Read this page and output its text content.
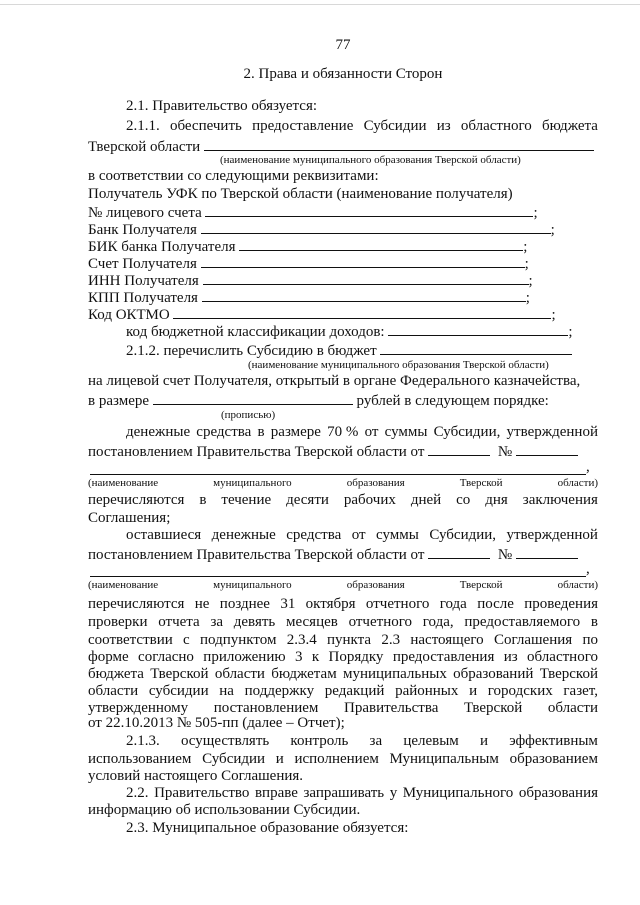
77
2. Права и обязанности Сторон
2.1. Правительство обязуется:
2.1.1. обеспечить предоставление Субсидии из областного бюджета
Тверской области
(наименование муниципального образования Тверской области)
в соответствии со следующими реквизитами:
Получатель УФК по Тверской области (наименование получателя)
№ лицевого счета	;
Банк Получателя	;
БИК банка Получателя	;
Счет Получателя	;
ИНН Получателя	;
КПП Получателя	;
Код ОКТМО	;
код бюджетной классификации доходов:	;
2.1.2. перечислить Субсидию в бюджет
(наименование муниципального образования Тверской области)
на лицевой счет Получателя, открытый в органе Федерального казначейства,
в размере	рублей в следующем порядке:
(прописью)
денежные средства в размере 70 % от суммы Субсидии, утвержденной
постановлением Правительства Тверской области от	№
,
(наименование	муниципального	образования	Тверской	области)
перечисляются в течение десяти рабочих дней со дня заключения
Соглашения;
оставшиеся денежные средства от суммы Субсидии, утвержденной
постановлением Правительства Тверской области от	№
,
(наименование	муниципального	образования	Тверской	области)
перечисляются не позднее 31 октября отчетного года после проведения
проверки отчета за девять месяцев отчетного года, предоставляемого в
соответствии с подпунктом 2.3.4 пункта 2.3 настоящего Соглашения по
форме согласно приложению 3 к Порядку предоставления из областного
бюджета Тверской области бюджетам муниципальных образований Тверской
области субсидии на поддержку редакций районных и городских газет,
утвержденному постановлением Правительства Тверской области
от 22.10.2013 № 505-пп (далее – Отчет);
2.1.3. осуществлять контроль за целевым и эффективным
использованием Субсидии и исполнением Муниципальным образованием
условий настоящего Соглашения.
2.2. Правительство вправе запрашивать у Муниципального образования
информацию об использовании Субсидии.
2.3. Муниципальное образование обязуется:
